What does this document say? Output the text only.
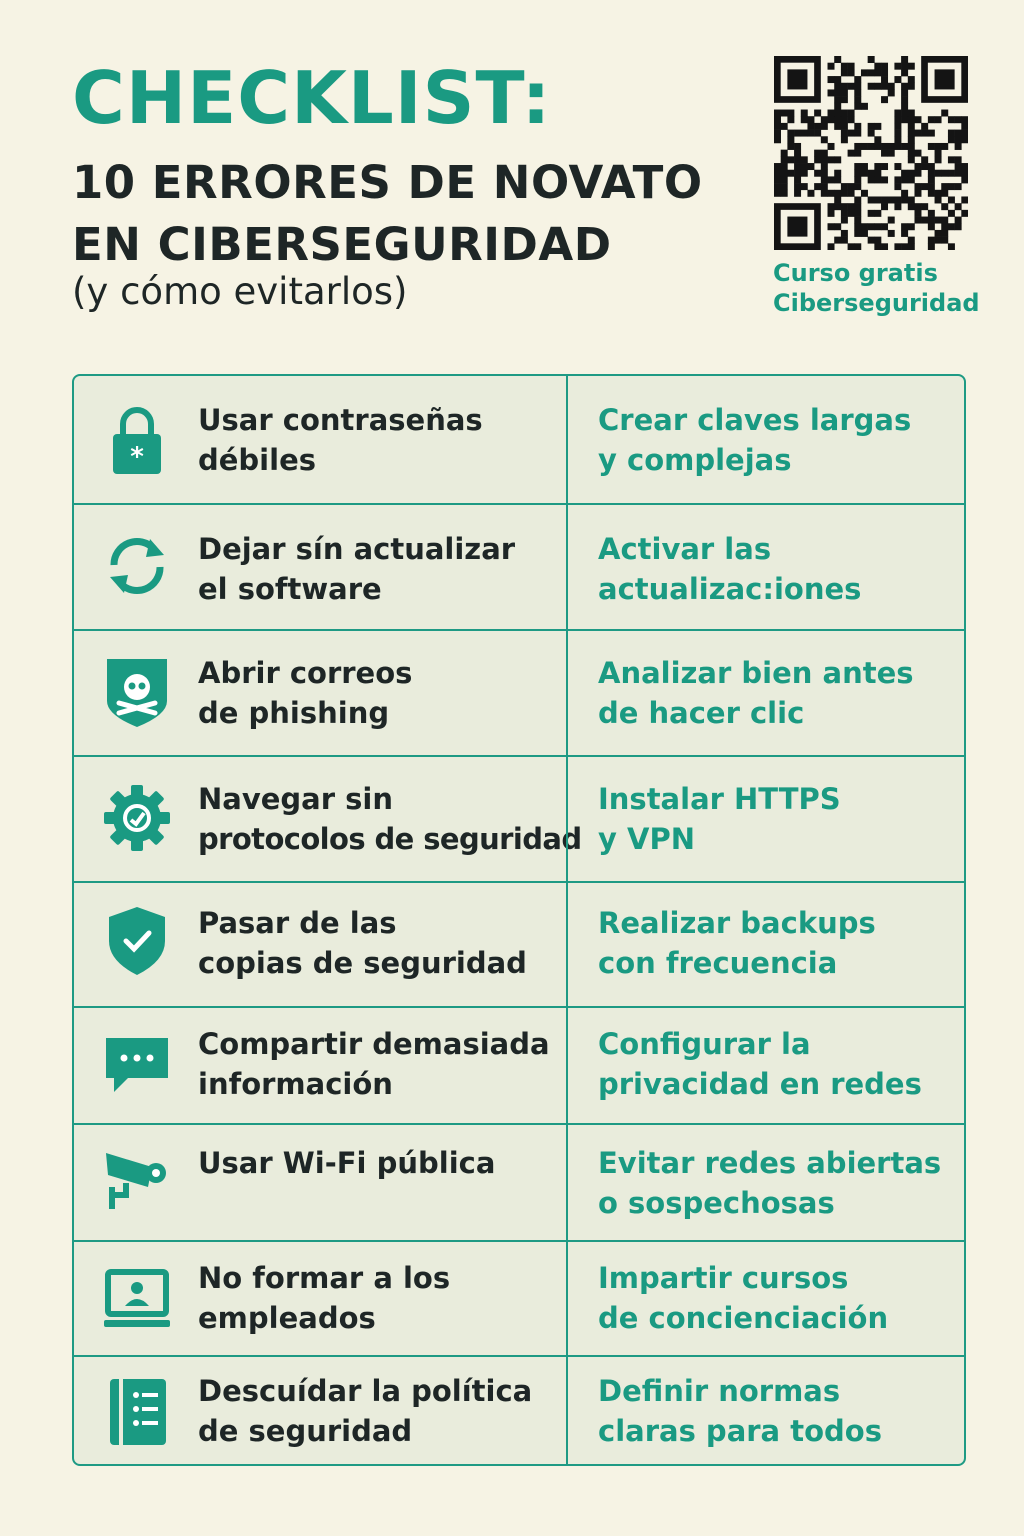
CHECKLIST:
10 ERRORES DE NOVATO
EN CIBERSEGURIDAD

(y cómo evitarlos)	Curso gratis
Ciberseguridad

*

Usar contraseñas
débiles

Crear claves largas
y complejas

Dejar sín actualizar
el software

Activar las
actualizac:iones

Abrir correos
de phishing

Analizar bien antes
de hacer clic

Navegar sin
protocolos de seguridad

Instalar HTTPS
y VPN

Pasar de las
copias de seguridad

Realizar backups
con frecuencia

Compartir demasiada
información

Configurar la
privacidad en redes

Usar Wi-Fi pública	Evitar redes abiertas
o sospechosas

No formar a los
empleados

Impartir cursos
de concienciación

Descuídar la política
de seguridad

Definir normas
claras para todos
